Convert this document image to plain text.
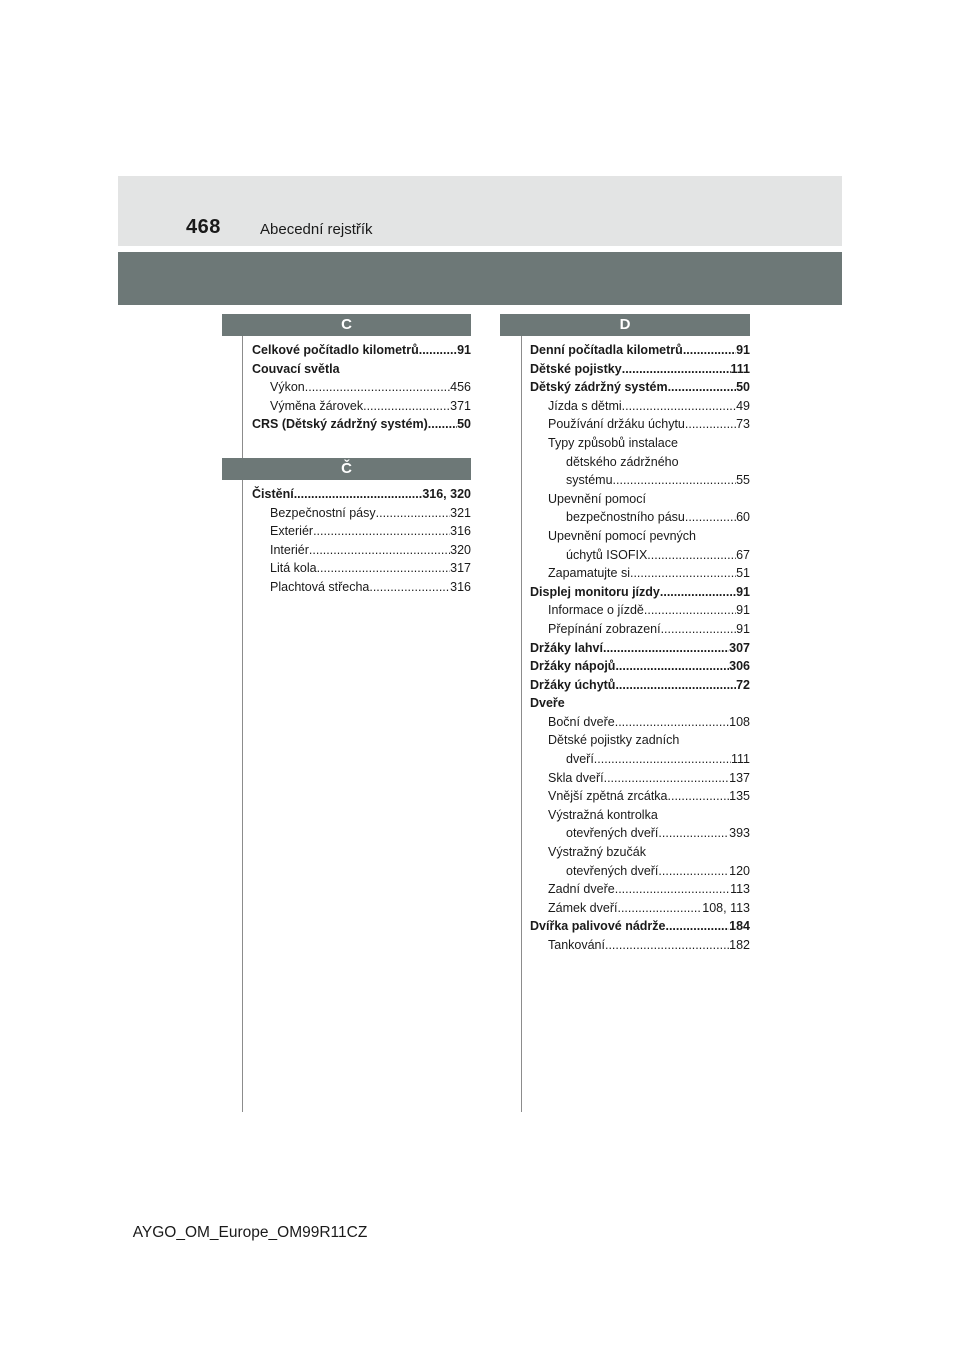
468	Abecední rejstřík
C
Celkové počítadlo kilometrů .....	91
Couvací světla
Výkon .....	456
Výměna žárovek .....	371
CRS (Dětský zádržný systém) ..... 50
Č
Čistění .....	316, 320
Bezpečnostní pásy .....	321
Exteriér .....	316
Interiér .....	320
Litá kola .....	317
Plachtová střecha .....	316
D
Denní počítadla kilometrů .....	91
Dětské pojistky .....	111
Dětský zádržný systém .....	50
Jízda s dětmi .....	49
Používání držáku úchytu .....	73
Typy způsobů instalace
dětského zádržného
systému .....	55
Upevnění pomocí
bezpečnostního pásu .....	60
Upevnění pomocí pevných
úchytů ISOFIX .....	67
Zapamatujte si .....	51
Displej monitoru jízdy .....	91
Informace o jízdě .....	91
Přepínání zobrazení .....	91
Držáky lahví .....	307
Držáky nápojů .....	306
Držáky úchytů .....	72
Dveře
Boční dveře .....	108
Dětské pojistky zadních
dveří .....	111
Skla dveří .....	137
Vnější zpětná zrcátka .....	135
Výstražná kontrolka
otevřených dveří .....	393
Výstražný bzučák
otevřených dveří .....	120
Zadní dveře .....	113
Zámek dveří .....	108, 113
Dvířka palivové nádrže .....	184
Tankování .....	182
AYGO_OM_Europe_OM99R11CZ
